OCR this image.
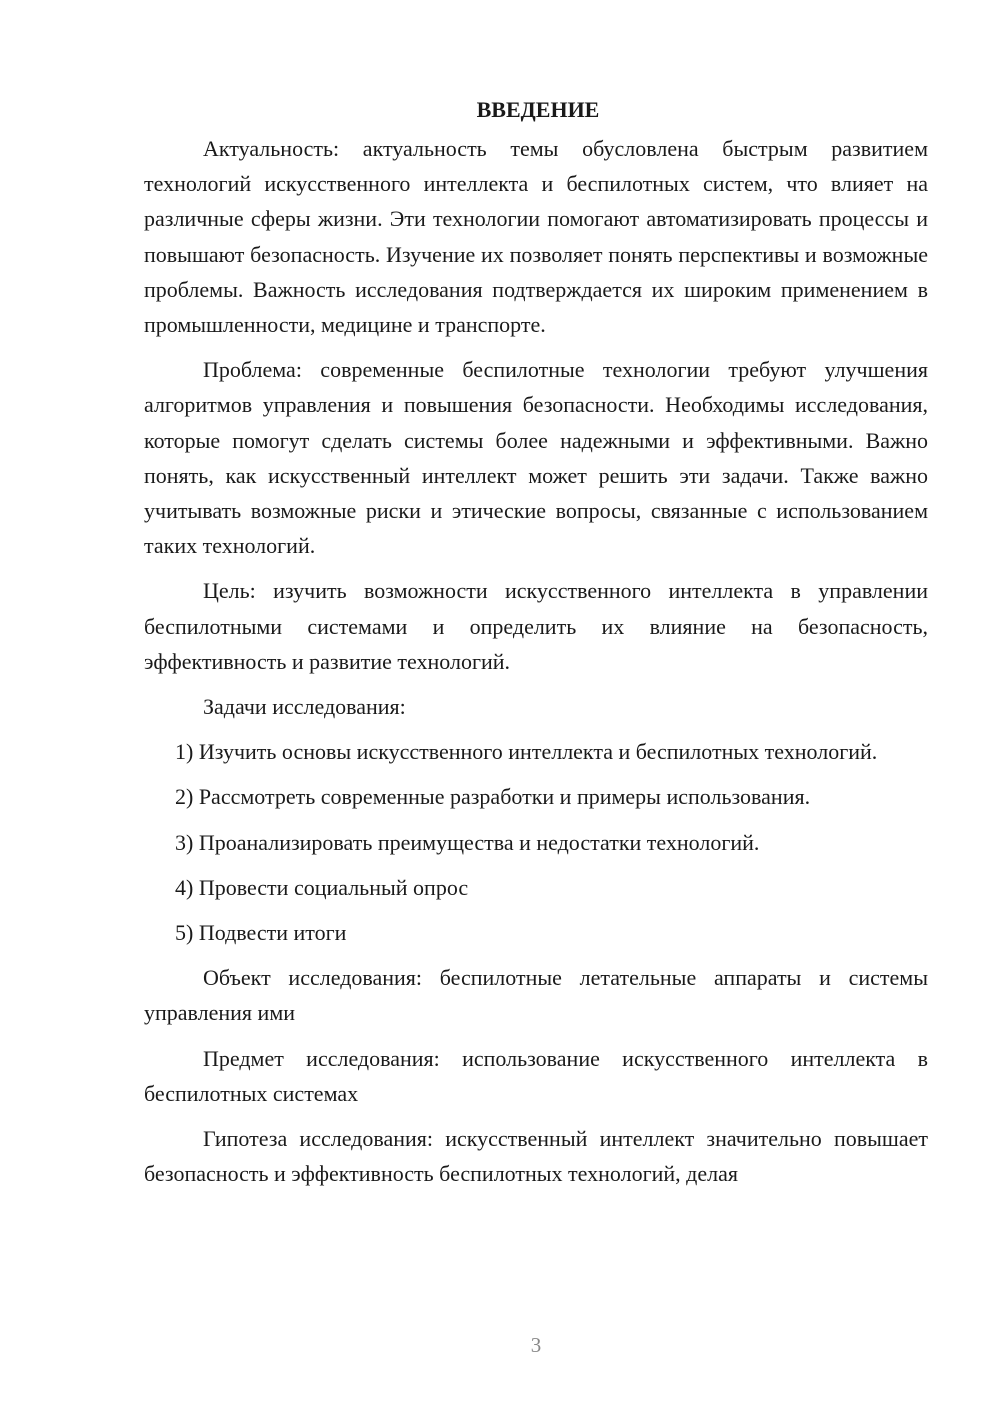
ВВЕДЕНИЕ

Актуальность: актуальность темы обусловлена быстрым развитием технологий искусственного интеллекта и беспилотных систем, что влияет на различные сферы жизни. Эти технологии помогают автоматизировать процессы и повышают безопасность. Изучение их позволяет понять перспективы и возможные проблемы. Важность исследования подтверждается их широким применением в промышленности, медицине и транспорте.

Проблема: современные беспилотные технологии требуют улучшения алгоритмов управления и повышения безопасности. Необходимы исследования, которые помогут сделать системы более надежными и эффективными. Важно понять, как искусственный интеллект может решить эти задачи. Также важно учитывать возможные риски и этические вопросы, связанные с использованием таких технологий.

Цель: изучить возможности искусственного интеллекта в управлении беспилотными системами и определить их влияние на безопасность, эффективность и развитие технологий.

Задачи исследования:

1) Изучить основы искусственного интеллекта и беспилотных технологий.

2) Рассмотреть современные разработки и примеры использования.

3) Проанализировать преимущества и недостатки технологий.

4) Провести социальный опрос

5) Подвести итоги

Объект исследования: беспилотные летательные аппараты и системы управления ими

Предмет исследования: использование искусственного интеллекта в беспилотных системах

Гипотеза исследования: искусственный интеллект значительно повышает безопасность и эффективность беспилотных технологий, делая

3
